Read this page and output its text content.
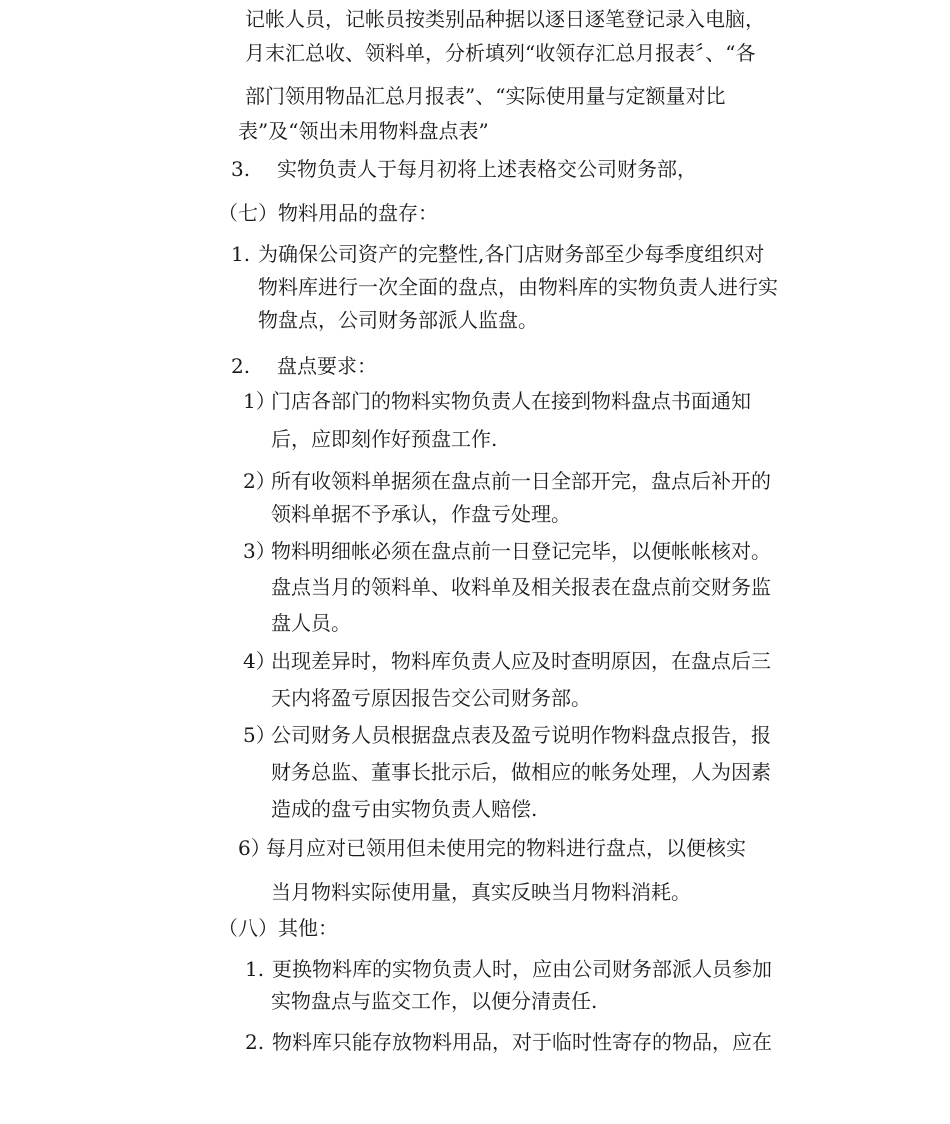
记帐人员，记帐员按类别品种据以逐日逐笔登记录入电脑，
月末汇总收、领料单，分析填列“收领存汇总月报表〞、“各
部门领用物品汇总月报表”、“实际使用量与定额量对比
表”及“领出未用物料盘点表”
3. 实物负责人于每月初将上述表格交公司财务部，
（七）物料用品的盘存：
1. 为确保公司资产的完整性,各门店财务部至少每季度组织对
物料库进行一次全面的盘点，由物料库的实物负责人进行实
物盘点，公司财务部派人监盘。
2. 盘点要求：
1）门店各部门的物料实物负责人在接到物料盘点书面通知
后，应即刻作好预盘工作.
2）所有收领料单据须在盘点前一日全部开完，盘点后补开的
领料单据不予承认，作盘亏处理。
3）物料明细帐必须在盘点前一日登记完毕，以便帐帐核对。
盘点当月的领料单、收料单及相关报表在盘点前交财务监
盘人员。
4）出现差异时，物料库负责人应及时查明原因，在盘点后三
天内将盈亏原因报告交公司财务部。
5）公司财务人员根据盘点表及盈亏说明作物料盘点报告，报
财务总监、董事长批示后，做相应的帐务处理，人为因素
造成的盘亏由实物负责人赔偿.
6）每月应对已领用但未使用完的物料进行盘点，以便核实
当月物料实际使用量，真实反映当月物料消耗。
（八）其他：
1. 更换物料库的实物负责人时，应由公司财务部派人员参加
实物盘点与监交工作，以便分清责任.
2. 物料库只能存放物料用品，对于临时性寄存的物品，应在
